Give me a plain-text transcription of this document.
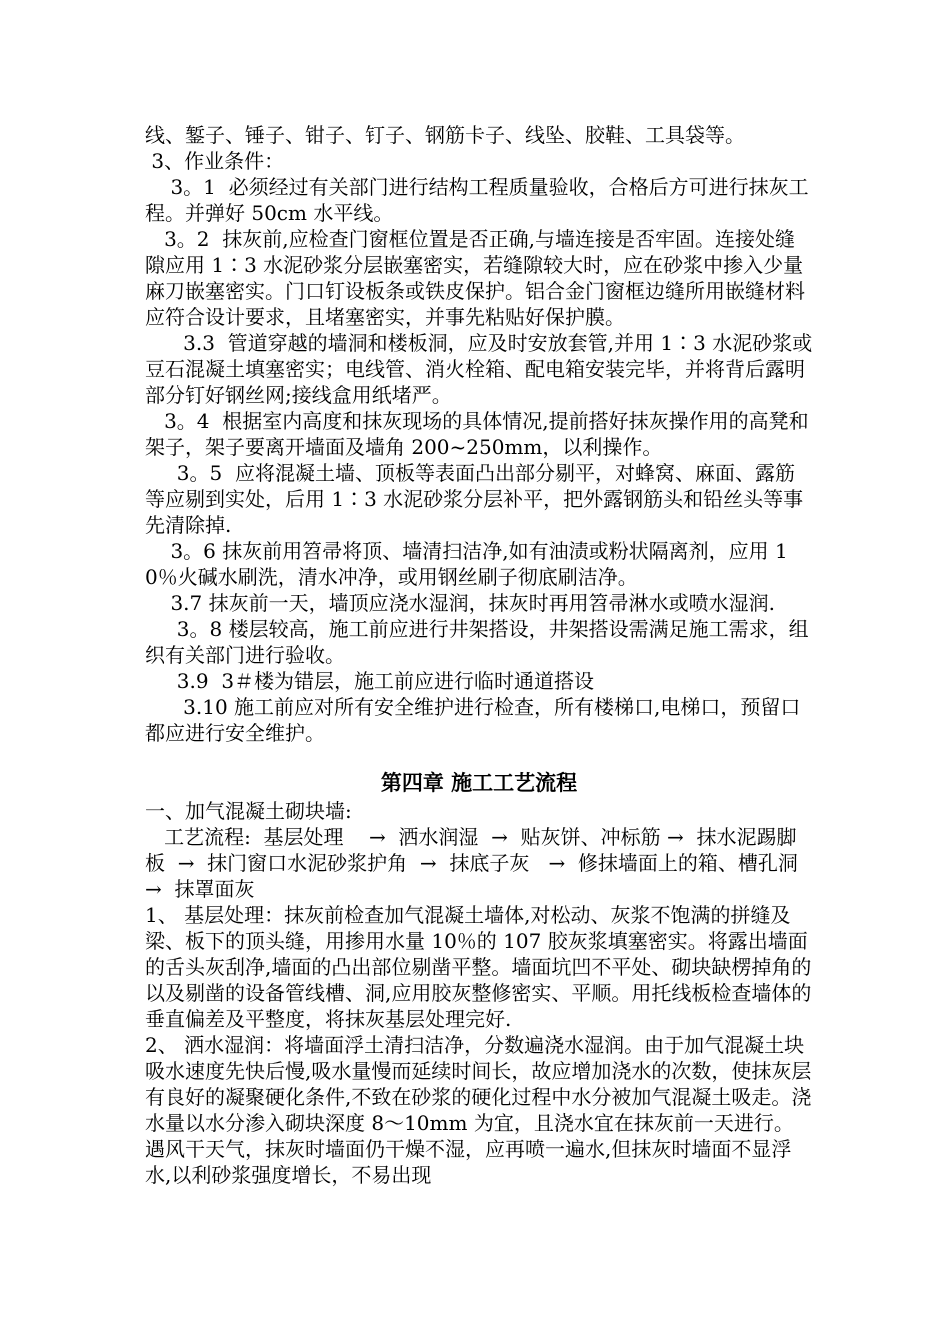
线、錾子、锤子、钳子、钉子、钢筋卡子、线坠、胶鞋、工具袋等。

3、作业条件：

3。1  必须经过有关部门进行结构工程质量验收，合格后方可进行抹灰工程。并弹好 50cm 水平线。

3。2  抹灰前,应检查门窗框位置是否正确,与墙连接是否牢固。连接处缝隙应用 1∶3 水泥砂浆分层嵌塞密实，若缝隙较大时，应在砂浆中掺入少量麻刀嵌塞密实。门口钉设板条或铁皮保护。铝合金门窗框边缝所用嵌缝材料应符合设计要求，且堵塞密实，并事先粘贴好保护膜。

3.3  管道穿越的墙洞和楼板洞，应及时安放套管,并用 1∶3 水泥砂浆或豆石混凝土填塞密实；电线管、消火栓箱、配电箱安装完毕，并将背后露明部分钉好钢丝网;接线盒用纸堵严。

3。4  根据室内高度和抹灰现场的具体情况,提前搭好抹灰操作用的高凳和架子，架子要离开墙面及墙角 200~250mm，以利操作。

3。5  应将混凝土墙、顶板等表面凸出部分剔平，对蜂窝、麻面、露筋等应剔到实处，后用 1∶3 水泥砂浆分层补平，把外露钢筋头和铅丝头等事先清除掉.

3。6 抹灰前用笤帚将顶、墙清扫洁净,如有油渍或粉状隔离剂，应用 10％火碱水刷洗，清水冲净，或用钢丝刷子彻底刷洁净。

3.7 抹灰前一天，墙顶应浇水湿润，抹灰时再用笤帚淋水或喷水湿润.

3。8 楼层较高，施工前应进行井架搭设，井架搭设需满足施工需求，组织有关部门进行验收。

3.9  3＃楼为错层，施工前应进行临时通道搭设

3.10 施工前应对所有安全维护进行检查，所有楼梯口,电梯口，预留口都应进行安全维护。

第四章 施工工艺流程

一、加气混凝土砌块墙:

工艺流程:  基层处理    →  洒水润湿  →  贴灰饼、冲标筋 →  抹水泥踢脚板  →  抹门窗口水泥砂浆护角  →  抹底子灰   →  修抹墙面上的箱、槽孔洞 →  抹罩面灰

1、 基层处理：抹灰前检查加气混凝土墙体,对松动、灰浆不饱满的拼缝及梁、板下的顶头缝，用掺用水量 10％的 107 胶灰浆填塞密实。将露出墙面的舌头灰刮净,墙面的凸出部位剔凿平整。墙面坑凹不平处、砌块缺楞掉角的以及剔凿的设备管线槽、洞,应用胶灰整修密实、平顺。用托线板检查墙体的垂直偏差及平整度，将抹灰基层处理完好.

2、 洒水湿润：将墙面浮土清扫洁净，分数遍浇水湿润。由于加气混凝土块吸水速度先快后慢,吸水量慢而延续时间长，故应增加浇水的次数，使抹灰层有良好的凝聚硬化条件,不致在砂浆的硬化过程中水分被加气混凝土吸走。浇水量以水分渗入砌块深度 8～10mm 为宜，且浇水宜在抹灰前一天进行。遇风干天气，抹灰时墙面仍干燥不湿，应再喷一遍水,但抹灰时墙面不显浮水,以利砂浆强度增长，不易出现
